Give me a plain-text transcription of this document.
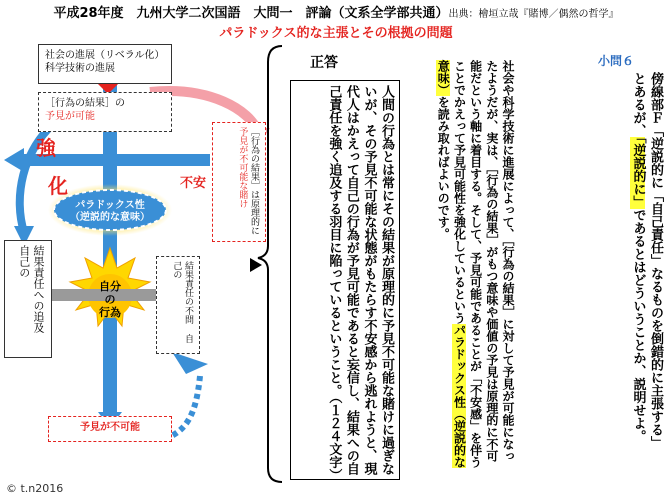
平成28年度　九州大学二次国語　大問一　評論（文系全学部共通）出典：檜垣立哉『賭博／偶然の哲学』
パラドックス的な主張とその根拠の問題
社会の進展（リベラル化）
科学技術の進展
［行為の結果］の
予見が可能
強
化
パラドックス性
（逆説的な意味）
不安	［行為の結果］は原理的に 予見が不可能な賭け
自分
の
行為
結果責任への追及 自己の	結果責任の不問 自己の
予見が不可能
正答
人間の行為とは常にその結果が原理的に予見不可能な賭けに過ぎないが、その予見不可能な状態がもたらす不安感から逃れようと、現代人はかえって自己の行為が予見可能であると妄信し、結果への自己責任を強く追及する羽目に陥っているということ。（１２４文字）	社会や科学技術に進展によって、［行為の結果］に対して予見が可能になったようだが、実は、［行為の結果］がもつ意味や価値の予見は原理的に不可能だという軸に着目する。そして、予見可能であることが「不安感」を伴うことでかえって予見可能性を強化しているというパラドックス性（逆説的な意味）を読み取ればよいのです。
小問６
傍線部Ｆ「逆説的に「自己責任」なるものを倒錯的に主張する」とあるが、「逆説的に」であるとはどういうことか、説明せよ。
© t.n2016
